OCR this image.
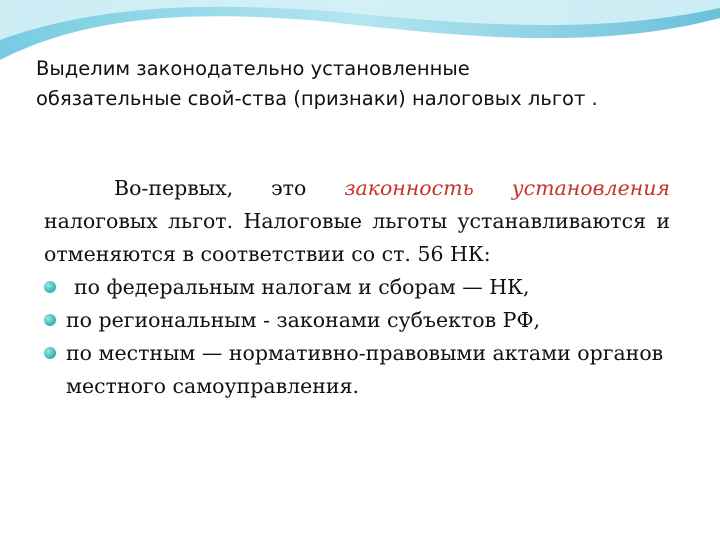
Выделим законодательно установленные
обязательные свой-ства (признаки) налоговых льгот .
Во-первых, это законность установления налоговых льгот. Налоговые льготы устанавливаются и отменяются в соответствии со ст. 56 НК:
по федеральным налогам и сборам — НК,
по региональным - законами субъектов РФ,
по местным — нормативно-правовыми актами органов местного самоуправления.
